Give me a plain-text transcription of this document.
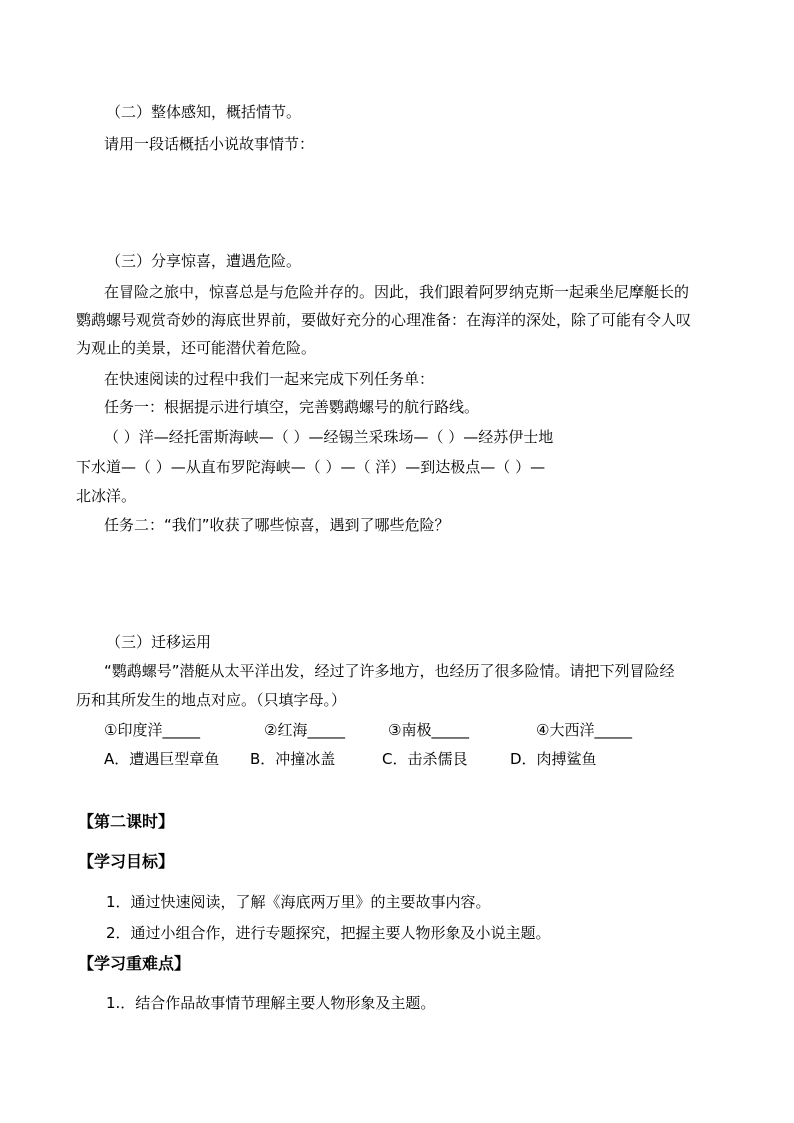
（二）整体感知，概括情节。
请用一段话概括小说故事情节：
（三）分享惊喜，遭遇危险。
在冒险之旅中，惊喜总是与危险并存的。因此，我们跟着阿罗纳克斯一起乘坐尼摩艇长的
鹦鹉螺号观赏奇妙的海底世界前，要做好充分的心理准备：在海洋的深处，除了可能有令人叹
为观止的美景，还可能潜伏着危险。
在快速阅读的过程中我们一起来完成下列任务单：
任务一：根据提示进行填空，完善鹦鹉螺号的航行路线。
（ ）洋—经托雷斯海峡—（ ）—经锡兰采珠场—（ ）—经苏伊士地
下水道—（ ）—从直布罗陀海峡—（ ）—（ 洋）—到达极点—（ ）—
北冰洋。
任务二：“我们”收获了哪些惊喜，遇到了哪些危险？
（三）迁移运用
“鹦鹉螺号”潜艇从太平洋出发，经过了许多地方，也经历了很多险情。请把下列冒险经
历和其所发生的地点对应。（只填字母。）
①印度洋_____	②红海_____	③南极_____	④大西洋_____
A．遭遇巨型章鱼 B．冲撞冰盖	C．击杀儒艮	D．肉搏鲨鱼
【第二课时】
【学习目标】
1．通过快速阅读，了解《海底两万里》的主要故事内容。
2．通过小组合作，进行专题探究，把握主要人物形象及小说主题。
【学习重难点】
1.．结合作品故事情节理解主要人物形象及主题。
